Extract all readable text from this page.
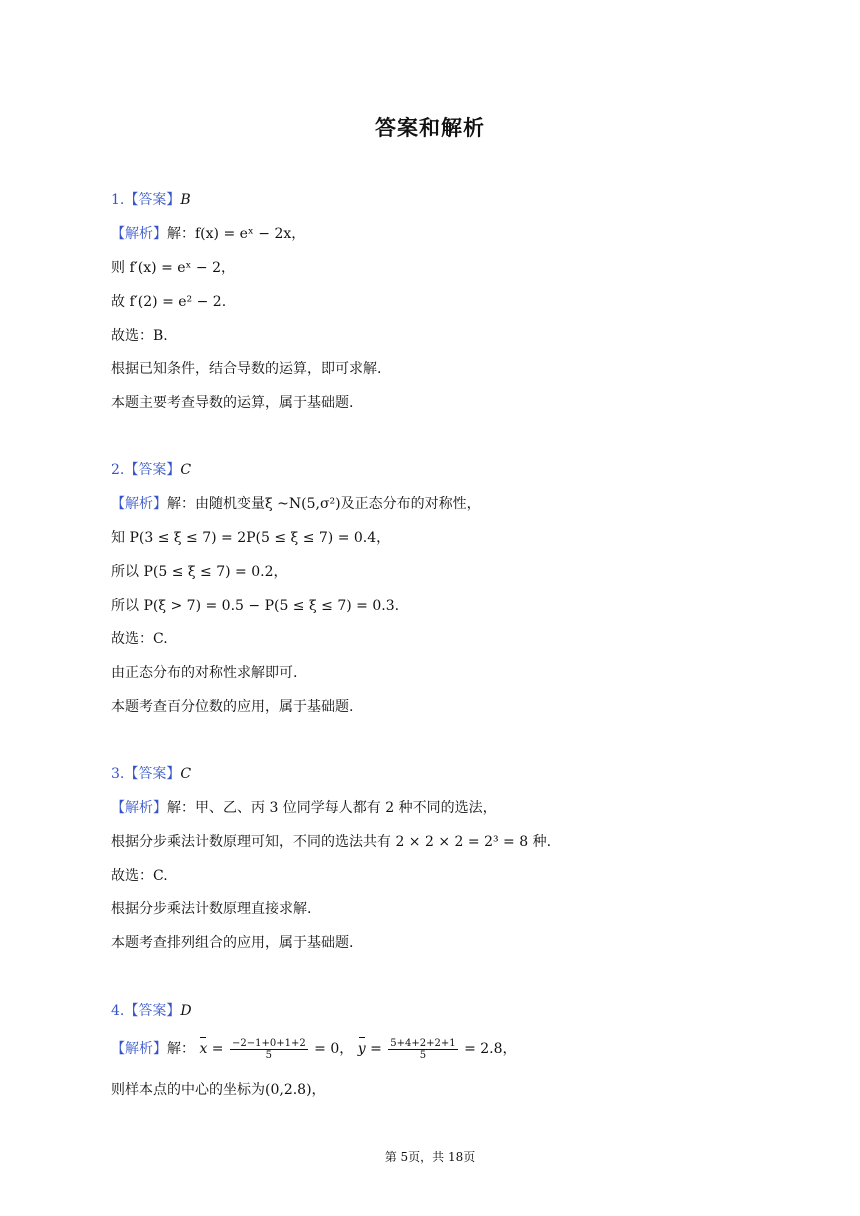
答案和解析
1.【答案】B
【解析】解：f(x) = eˣ − 2x，
则 f′(x) = eˣ − 2，
故 f′(2) = e² − 2.
故选：B.
根据已知条件，结合导数的运算，即可求解.
本题主要考查导数的运算，属于基础题.
2.【答案】C
【解析】解：由随机变量ξ ~N(5,σ²)及正态分布的对称性，
知 P(3 ≤ ξ ≤ 7) = 2P(5 ≤ ξ ≤ 7) = 0.4，
所以 P(5 ≤ ξ ≤ 7) = 0.2，
所以 P(ξ > 7) = 0.5 − P(5 ≤ ξ ≤ 7) = 0.3.
故选：C.
由正态分布的对称性求解即可.
本题考查百分位数的应用，属于基础题.
3.【答案】C
【解析】解：甲、乙、丙 3 位同学每人都有 2 种不同的选法，
根据分步乘法计数原理可知，不同的选法共有 2 × 2 × 2 = 2³ = 8 种.
故选：C.
根据分步乘法计数原理直接求解.
本题考查排列组合的应用，属于基础题.
4.【答案】D
【解析】解： $x = \frac{-2-1+0+1+2}{5} = 0$， $y = \frac{5+4+2+2+1}{5} = 2.8$，
则样本点的中心的坐标为(0,2.8)，
第 5页，共 18页
